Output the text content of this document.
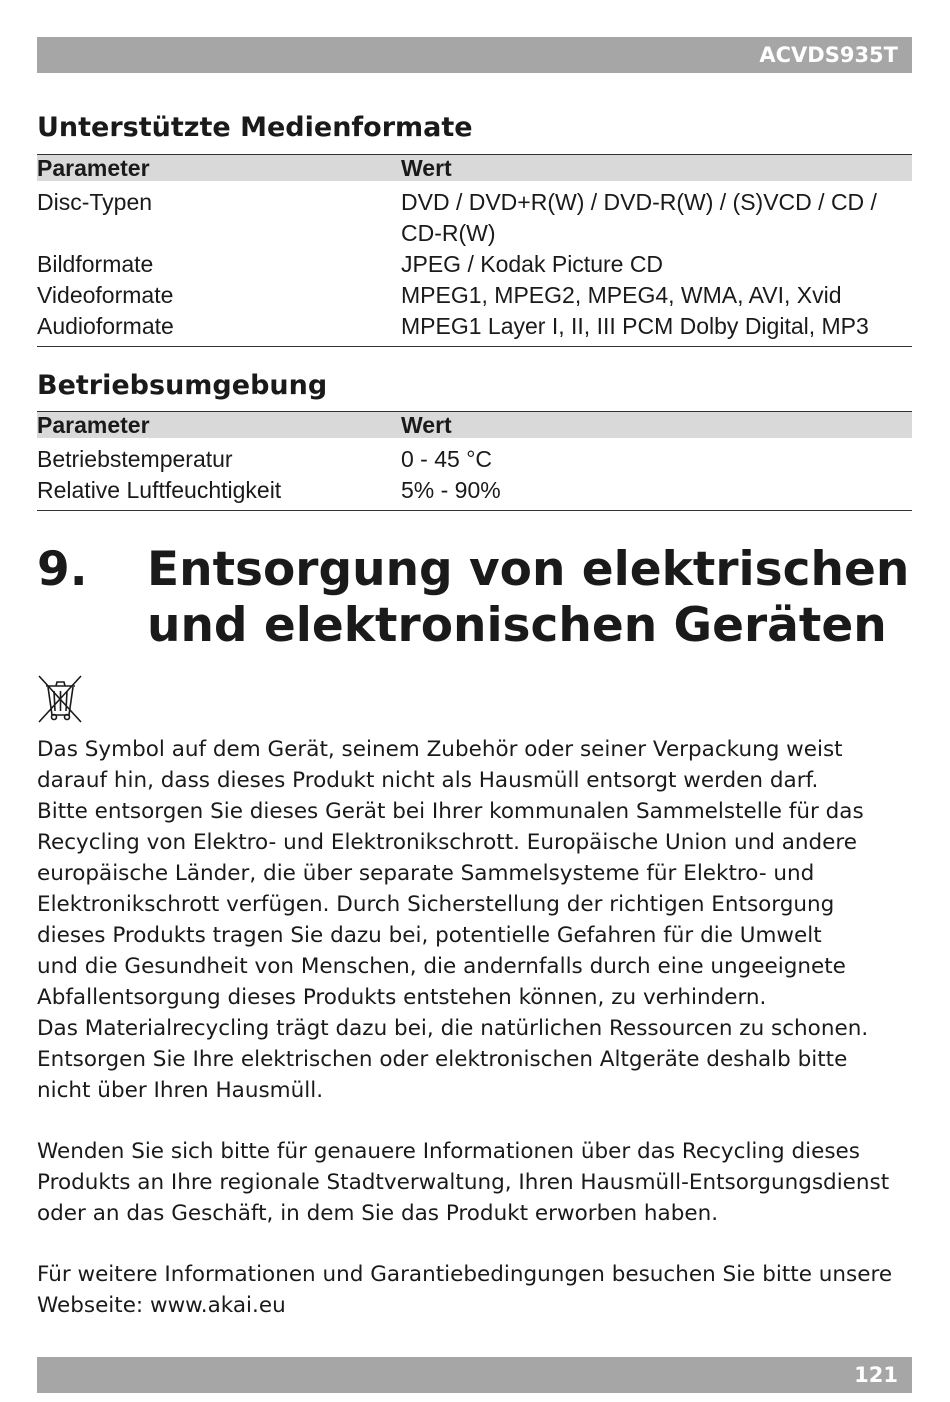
ACVDS935T
Unterstützte Medienformate
Parameter	Wert
Disc-Typen	DVD / DVD+R(W) / DVD-R(W) / (S)VCD / CD / CD-R(W)
Bildformate	JPEG / Kodak Picture CD
Videoformate	MPEG1, MPEG2, MPEG4, WMA, AVI, Xvid
Audioformate	MPEG1 Layer I, II, III PCM Dolby Digital, MP3
Betriebsumgebung
Parameter	Wert
Betriebstemperatur	0 - 45 °C
Relative Luftfeuchtigkeit	5% - 90%
9.	Entsorgung von elektrischen
und elektronischen Geräten

Das Symbol auf dem Gerät, seinem Zubehör oder seiner Verpackung weist

darauf hin, dass dieses Produkt nicht als Hausmüll entsorgt werden darf.

Bitte entsorgen Sie dieses Gerät bei Ihrer kommunalen Sammelstelle für das

Recycling von Elektro- und Elektronikschrott. Europäische Union und andere

europäische Länder, die über separate Sammelsysteme für Elektro- und

Elektronikschrott verfügen. Durch Sicherstellung der richtigen Entsorgung

dieses Produkts tragen Sie dazu bei, potentielle Gefahren für die Umwelt

und die Gesundheit von Menschen, die andernfalls durch eine ungeeignete

Abfallentsorgung dieses Produkts entstehen können, zu verhindern.

Das Materialrecycling trägt dazu bei, die natürlichen Ressourcen zu schonen.

Entsorgen Sie Ihre elektrischen oder elektronischen Altgeräte deshalb bitte

nicht über Ihren Hausmüll.

Wenden Sie sich bitte für genauere Informationen über das Recycling dieses

Produkts an Ihre regionale Stadtverwaltung, Ihren Hausmüll-Entsorgungsdienst

oder an das Geschäft, in dem Sie das Produkt erworben haben.

Für weitere Informationen und Garantiebedingungen besuchen Sie bitte unsere

Webseite: www.akai.eu

121
